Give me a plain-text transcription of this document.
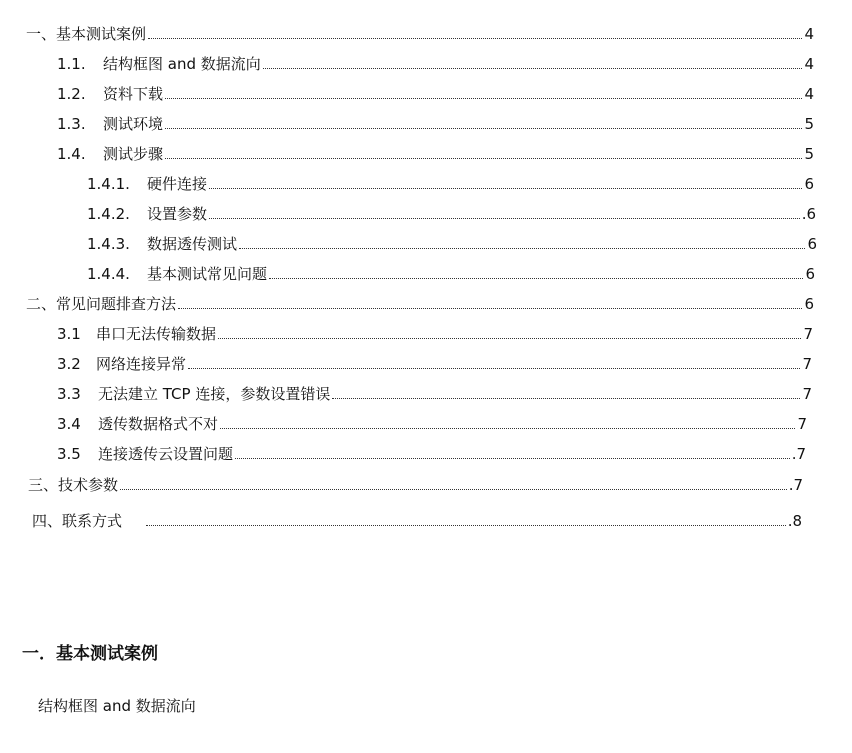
一、基本测试案例	4
1.1.	结构框图 and 数据流向	4
1.2.	资料下载	4
1.3.	测试环境	5
1.4.	测试步骤	5
1.4.1.	硬件连接	6
1.4.2.	设置参数	.6
1.4.3.	数据透传测试	6
1.4.4.	基本测试常见问题	6
二、常见问题排查方法	6
3.1	串口无法传输数据	7
3.2	网络连接异常	7
3.3	无法建立 TCP 连接，参数设置错误	7
3.4	透传数据格式不对	7
3.5	连接透传云设置问题	.7
三、技术参数	.7
四、联系方式	.8
一．基本测试案例
结构框图 and 数据流向
